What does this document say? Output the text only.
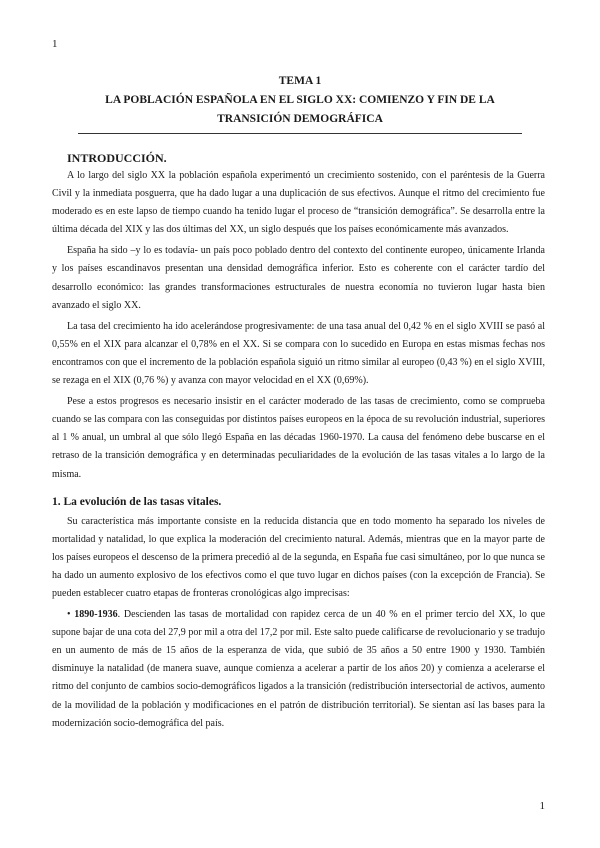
1
TEMA 1
LA POBLACIÓN ESPAÑOLA EN EL SIGLO XX: COMIENZO Y FIN DE LA
TRANSICIÓN DEMOGRÁFICA
INTRODUCCIÓN.

A lo largo del siglo XX la población española experimentó un crecimiento sostenido, con el paréntesis de la Guerra Civil y la inmediata posguerra, que ha dado lugar a una duplicación de sus efectivos. Aunque el ritmo del crecimiento fue moderado es en este lapso de tiempo cuando ha tenido lugar el proceso de “transición demográfica”. Se desarrolla entre la última década del XIX y las dos últimas del XX, un siglo después que los países económicamente más avanzados.

España ha sido –y lo es todavía- un país poco poblado dentro del contexto del continente europeo, únicamente Irlanda y los países escandinavos presentan una densidad demográfica inferior. Esto es coherente con el carácter tardío del desarrollo económico: las grandes transformaciones estructurales de nuestra economía no tuvieron lugar hasta bien avanzado el siglo XX.

La tasa del crecimiento ha ido acelerándose progresivamente: de una tasa anual del 0,42 % en el siglo XVIII se pasó al 0,55% en el XIX para alcanzar el 0,78% en el XX. Si se compara con lo sucedido en Europa en estas mismas fechas nos encontramos con que el incremento de la población española siguió un ritmo similar al europeo (0,43 %) en el siglo XVIII, se rezaga en el XIX (0,76 %) y avanza con mayor velocidad en el XX (0,69%).

Pese a estos progresos es necesario insistir en el carácter moderado de las tasas de crecimiento, como se comprueba cuando se las compara con las conseguidas por distintos países europeos en la época de su revolución industrial, superiores al 1 % anual, un umbral al que sólo llegó España en las décadas 1960-1970. La causa del fenómeno debe buscarse en el retraso de la transición demográfica y en determinadas peculiaridades de la evolución de las tasas vitales a lo largo de la misma.

1. La evolución de las tasas vitales.

Su característica más importante consiste en la reducida distancia que en todo momento ha separado los niveles de mortalidad y natalidad, lo que explica la moderación del crecimiento natural. Además, mientras que en la mayor parte de los países europeos el descenso de la primera precedió al de la segunda, en España fue casi simultáneo, por lo que nunca se ha dado un aumento explosivo de los efectivos como el que tuvo lugar en dichos países (con la excepción de Francia). Se pueden establecer cuatro etapas de fronteras cronológicas algo imprecisas:

• 1890-1936. Descienden las tasas de mortalidad con rapidez cerca de un 40 % en el primer tercio del XX, lo que supone bajar de una cota del 27,9 por mil a otra del 17,2 por mil. Este salto puede calificarse de revolucionario y se tradujo en un aumento de más de 15 años de la esperanza de vida, que subió de 35 años a 50 entre 1900 y 1930. También disminuye la natalidad (de manera suave, aunque comienza a acelerar a partir de los años 20) y comienza a acelerarse el ritmo del conjunto de cambios socio-demográficos ligados a la transición (redistribución intersectorial de activos, aumento de la movilidad de la población y modificaciones en el patrón de distribución territorial). Se sientan así las bases para la modernización socio-demográfica del país.
1
